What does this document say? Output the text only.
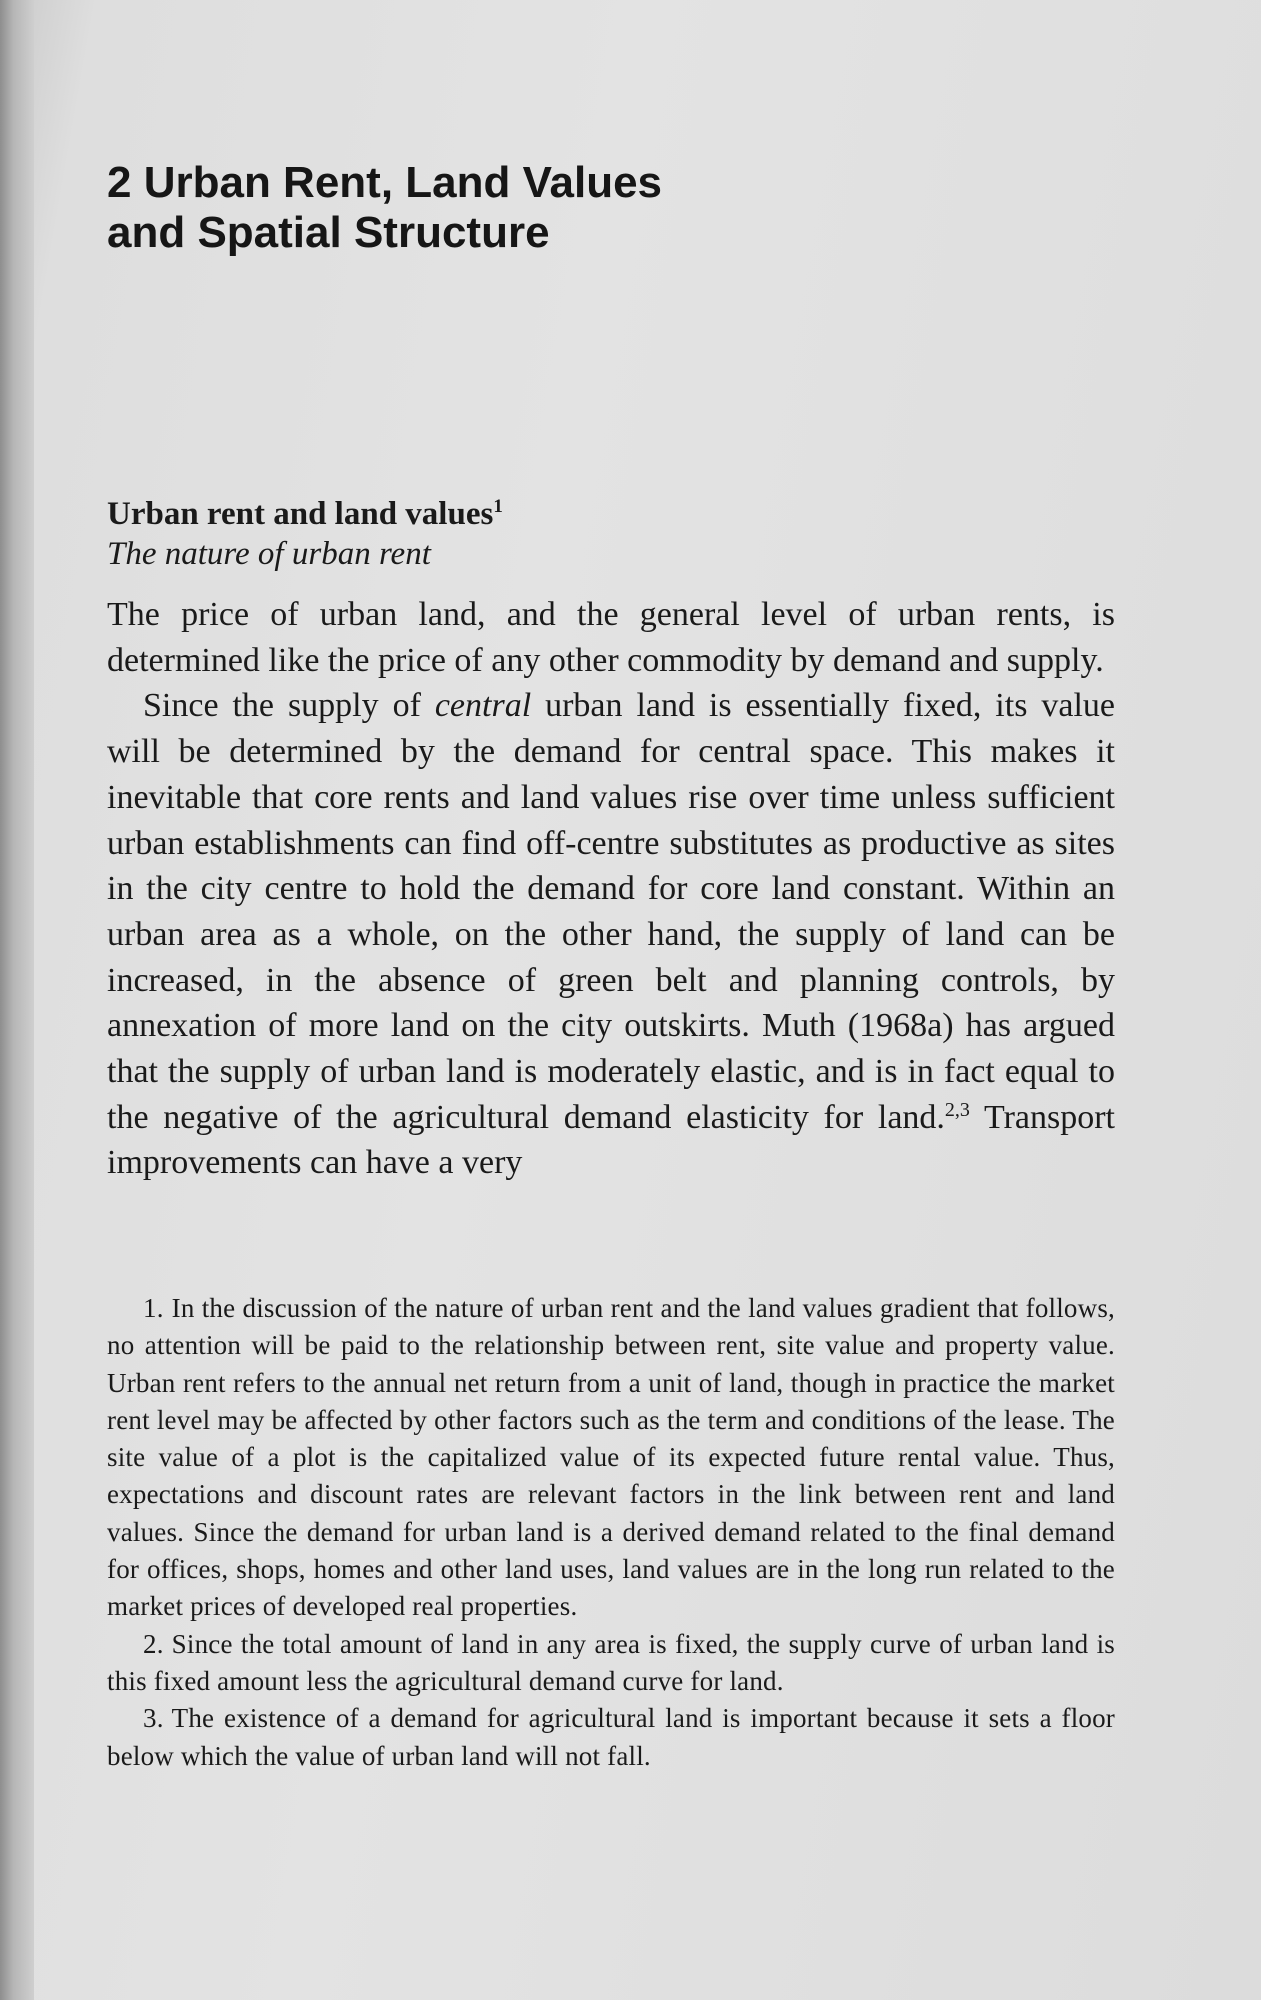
2 Urban Rent, Land Values
and Spatial Structure
Urban rent and land values$^1$
The nature of urban rent

The price of urban land, and the general level of urban rents, is determined like the price of any other commodity by demand and supply.

Since the supply of central urban land is essentially fixed, its value will be determined by the demand for central space. This makes it inevitable that core rents and land values rise over time unless sufficient urban establishments can find off-centre substitutes as productive as sites in the city centre to hold the demand for core land constant. Within an urban area as a whole, on the other hand, the supply of land can be increased, in the absence of green belt and planning controls, by annexation of more land on the city outskirts. Muth (1968a) has argued that the supply of urban land is moderately elastic, and is in fact equal to the negative of the agricultural demand elasticity for land.$^{2,3}$ Transport improvements can have a very

1. In the discussion of the nature of urban rent and the land values gradient that follows, no attention will be paid to the relationship between rent, site value and property value. Urban rent refers to the annual net return from a unit of land, though in practice the market rent level may be affected by other factors such as the term and conditions of the lease. The site value of a plot is the capitalized value of its expected future rental value. Thus, expectations and discount rates are relevant factors in the link between rent and land values. Since the demand for urban land is a derived demand related to the final demand for offices, shops, homes and other land uses, land values are in the long run related to the market prices of developed real properties.

2. Since the total amount of land in any area is fixed, the supply curve of urban land is this fixed amount less the agricultural demand curve for land.

3. The existence of a demand for agricultural land is important because it sets a floor below which the value of urban land will not fall.
